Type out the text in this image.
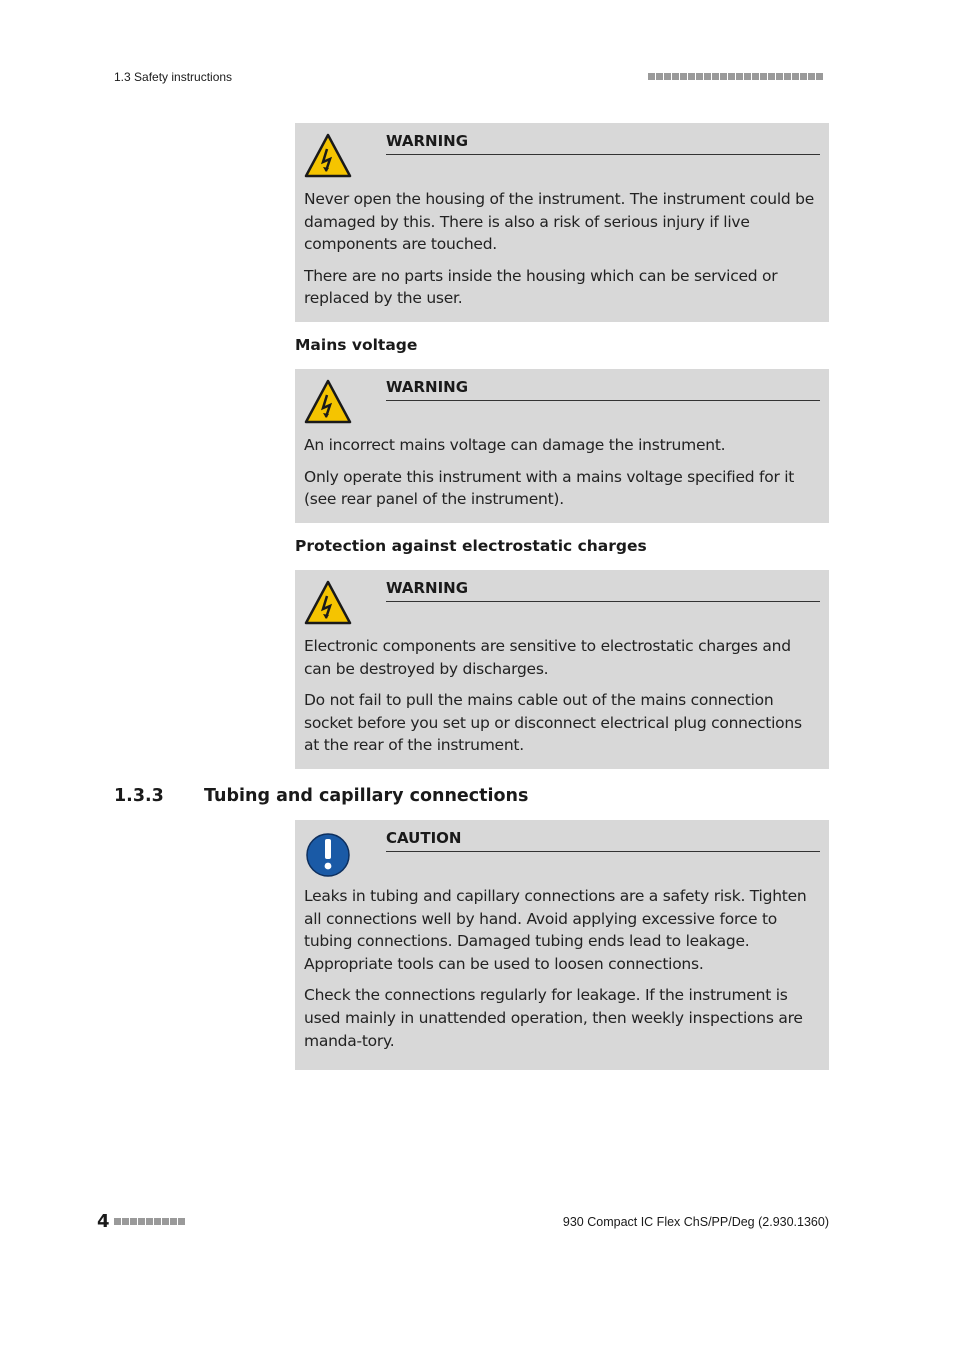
1.3 Safety instructions
WARNING

Never open the housing of the instrument. The instrument could be damaged by this. There is also a risk of serious injury if live components are touched.

There are no parts inside the housing which can be serviced or replaced by the user.

Mains voltage
WARNING

An incorrect mains voltage can damage the instrument.

Only operate this instrument with a mains voltage specified for it (see rear panel of the instrument).

Protection against electrostatic charges
WARNING

Electronic components are sensitive to electrostatic charges and can be destroyed by discharges.

Do not fail to pull the mains cable out of the mains connection socket before you set up or disconnect electrical plug connections at the rear of the instrument.

1.3.3 Tubing and capillary connections
CAUTION

Leaks in tubing and capillary connections are a safety risk. Tighten all connections well by hand. Avoid applying excessive force to tubing connections. Damaged tubing ends lead to leakage. Appropriate tools can be used to loosen connections.

Check the connections regularly for leakage. If the instrument is used mainly in unattended operation, then weekly inspections are manda-tory.

4	930 Compact IC Flex ChS/PP/Deg (2.930.1360)
